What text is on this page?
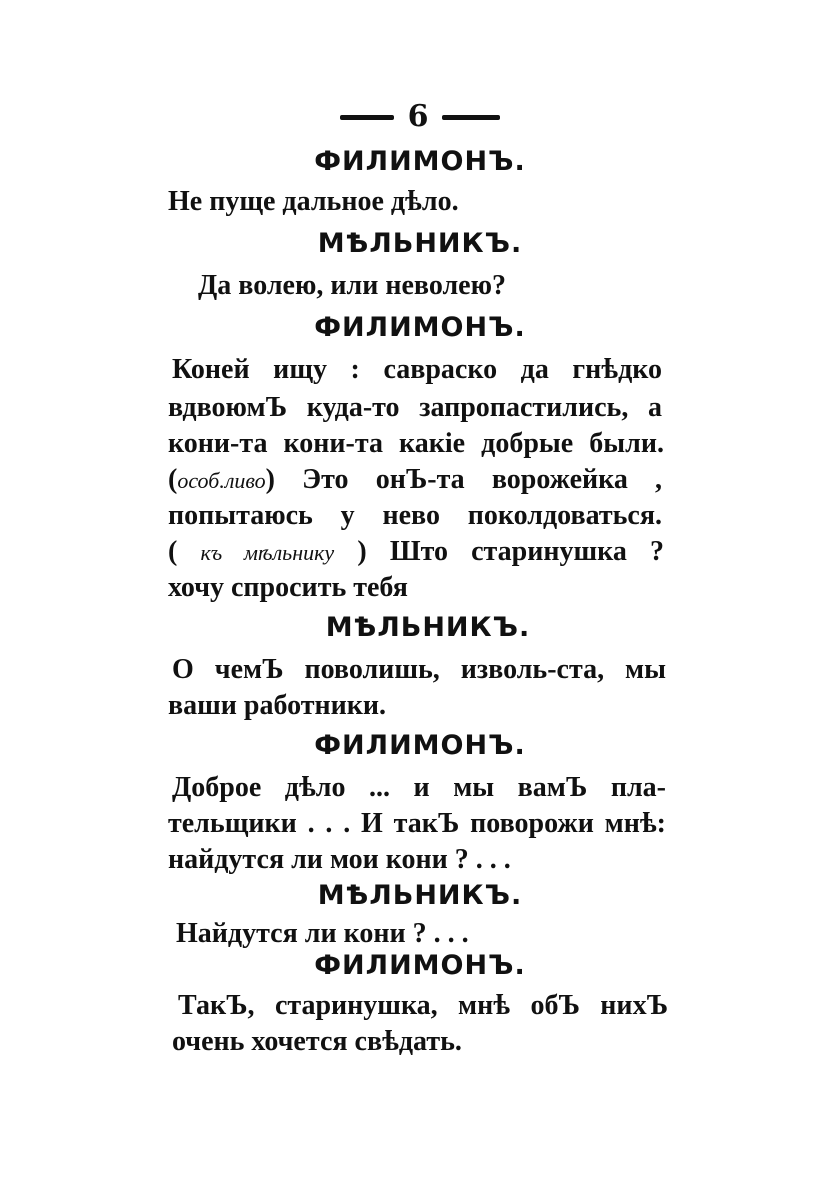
6
ФИЛИМОНЪ.
Не пуще дальное дѣло.
МѢЛЬНИКЪ.
Да волею, или неволею?
ФИЛИМОНЪ.
Коней ищу : савраско да гнѣдко
вдвоюмЪ куда-то запропастились, а
кони-та кони-та какіе добрые были.
(особ.ливо) Это онЪ-та ворожейка ,
попытаюсь у нево поколдоваться.
( къ мѣльнику ) Што старинушка ?
хочу спросить тебя
МѢЛЬНИКЪ.
О чемЪ поволишь, изволь-ста, мы
ваши работники.
ФИЛИМОНЪ.
Доброе дѣло ... и мы вамЪ пла-
тельщики . . . И такЪ поворожи мнѣ:
найдутся ли мои кони ? . . .
МѢЛЬНИКЪ.
Найдутся ли кони ? . . .
ФИЛИМОНЪ.
ТакЪ, старинушка, мнѣ обЪ нихЪ
очень хочется свѣдать.
